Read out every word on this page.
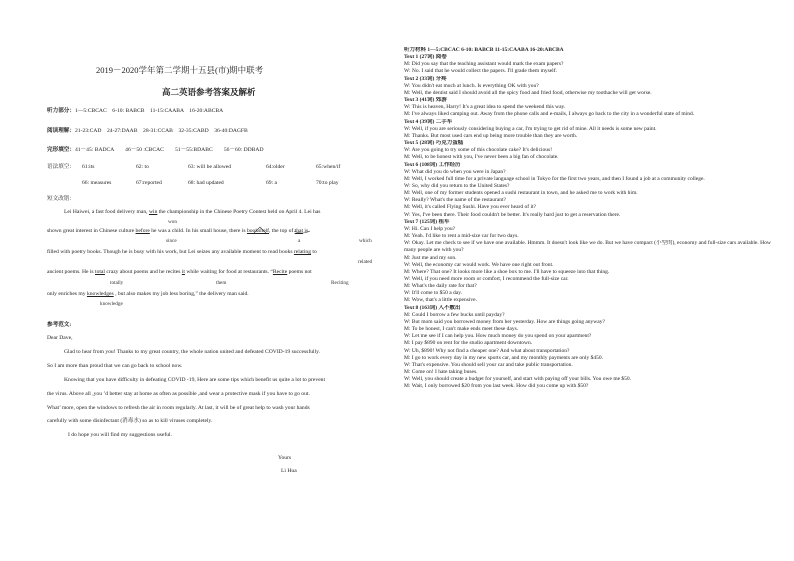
2019－2020学年第二学期十五县(市)期中联考
高二英语参考答案及解析
听力部分：1—5:CBCAC　6-10: BABCB　11-15:CAABA　16-20:ABCBA
阅读理解：21-23:CAD　24-27:DAAB　28-31:CCAB　32-35:CABD　36-40:DAGFB
完形填空：41－45: BADCA　　46－50 :CBCAC　　51－55:BDABC　　56－60: DDBAD
语法填空： 61:its	62: to	63: will be allowed	64:older	65:when/if
66: measures	67:reported	68: had updated	69: a	70:to play
短文改错：
Lei Haiwei, a fast food delivery man, win the championship in the Chinese Poetry Contest held on April 4. Lei has
won
shown great interest in Chinese culture before he was a child. In his small house, there is bookshelf, the top of that is
since	a	which
filled with poetry books. Though he is busy with his work, but Lei seizes any available moment to read books relating to
related
ancient poems. He is total crazy about poems and he recites it while waiting for food at restaurants. “Recite poems not
totally	them	Reciting
only enriches my knowledges , but also makes my job less boring,” the delivery man said.
knowledge
参考范文:
Dear Dave,
Glad to hear from you! Thanks to my great country, the whole nation united and defeated COVID-19 successfully.
So I am more than proud that we can go back to school now.
Knowing that you have difficulty in defeating COVID -19, Here are some tips which benefit us quite a lot to prevent
the virus. Above all ,you ’d better stay at home as often as possible ,and wear a protective mask if you have to go out.
What’ more, open the windows to refresh the air in room regularly. At last, it will be of great help to wash your hands
carefully with some disinfectant (消毒水) so as to kill viruses completely.
I do hope you will find my suggestions useful.
Yours
Li Hua
听力材料 1—5:CBCAC 6-10: BABCB 11-15:CAABA 16-20:ABCBA
Text 1 (27词) 阅卷
M: Did you say that the teaching assistant would mark the exam papers?
W: No. I said that he would collect the papers. I'll grade them myself.
Text 2 (33词) 牙疼
W: You didn't eat much at lunch. Is everything OK with you?
M: Well, the dentist said I should avoid all the spicy food and fried food, otherwise my toothache will get worse.
Text 3 (41词) 郊游
W: This is heaven, Harry! It's a great idea to spend the weekend this way.
M: I've always liked camping out. Away from the phone calls and e-mails, I always go back to the city in a wonderful state of mind.
Text 4 (39词) 二手车
W: Well, if you are seriously considering buying a car, I'm trying to get rid of mine. All it needs is some new paint.
M: Thanks. But most used cars end up being more trouble than they are worth.
Text 5 (28词) 巧克力蛋糕
W: Are you going to try some of this chocolate cake? It's delicious!
M: Well, to be honest with you, I've never been a big fan of chocolate.
Text 6 (108词) 工作经历
W: What did you do when you were in Japan?
M: Well, I worked full time for a private language school in Tokyo for the first two years, and then I found a job at a community college.
W: So, why did you return to the United States?
M: Well, one of my former students opened a sushi restaurant in town, and he asked me to work with him.
W: Really? What's the name of the restaurant?
M: Well, it's called Flying Sushi. Have you ever heard of it?
W: Yes, I've been there. Their food couldn't be better. It's really hard just to get a reservation there.
Text 7 (125词) 租车
W: Hi. Can I help you?
M: Yeah. I'd like to rent a mid-size car for two days.
W: Okay. Let me check to see if we have one available. Hmmm. It doesn't look like we do. But we have compact (小型的), economy and full-size cars available. How many people are with you?
M: Just me and my son.
W: Well, the economy car would work. We have one right out front.
M: Where? That one? It looks more like a shoe box to me. I'll have to squeeze into that thing.
W: Well, if you need more room or comfort, I recommend the full-size car.
M: What's the daily rate for that?
W: It'll come to $50 a day.
M: Wow, that's a little expensive.
Text 8 (163词) 入不敷出
M: Could I borrow a few bucks until payday?
W: But mom said you borrowed money from her yesterday. How are things going anyway?
M: To be honest, I can't make ends meet these days.
W: Let me see if I can help you. How much money do you spend on your apartment?
M: I pay $890 on rent for the studio apartment downtown.
W: Uh, $890! Why not find a cheaper one? And what about transportation?
M: I go to work every day in my new sports car, and my monthly payments are only $450.
W: That's expensive. You should sell your car and take public transportation.
M: Come on! I hate taking buses.
W: Well, you should create a budget for yourself, and start with paying off your bills. You owe me $50.
M: Wait, I only borrowed $20 from you last week. How did you come up with $50?
